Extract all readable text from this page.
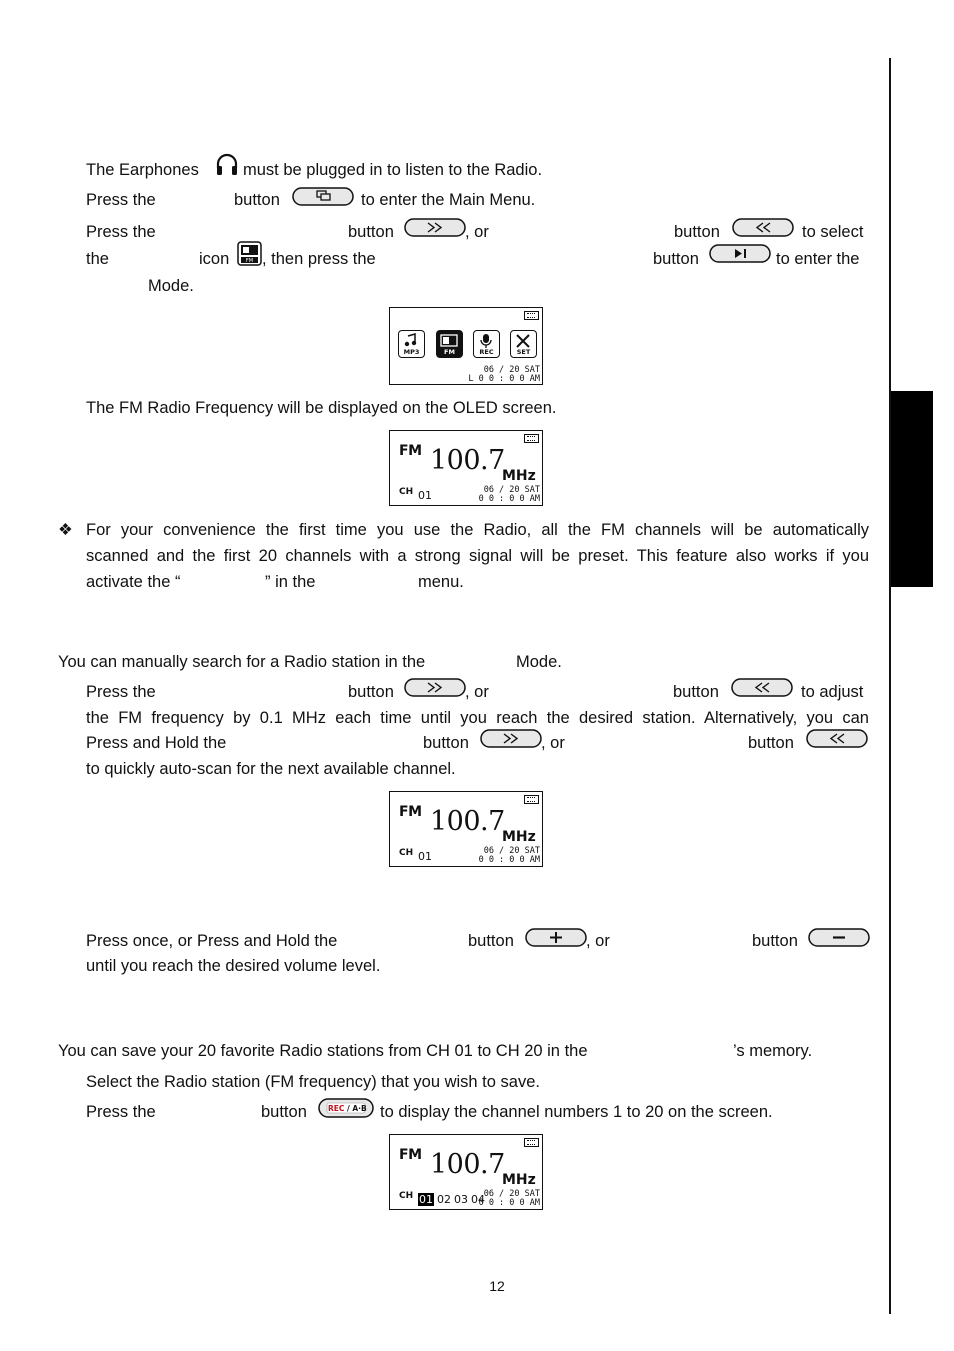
The Earphones	must be plugged in to listen to the Radio.
Press the	button	to enter the Main Menu.
Press the	button	, or	button	to select
the	icon	FM , then press the	button	to enter the
Mode.
MP3	FM	REC	SET
06 / 20 SAT
L 0 0 : 0 0 AM
The FM Radio Frequency will be displayed on the OLED screen.
FM 100.7
MHz
CH 01	06 / 20 SAT
0 0 : 0 0 AM
❖ For your convenience the first time you use the Radio, all the FM channels will be automatically
scanned and the first 20 channels with a strong signal will be preset. This feature also works if you
activate the “	” in the	menu.
You can manually search for a Radio station in the	Mode.
Press the	button	, or	button	to adjust
the FM frequency by 0.1 MHz each time until you reach the desired station. Alternatively, you can
Press and Hold the	button	, or	button
to quickly auto-scan for the next available channel.
FM 100.7
MHz
CH 01	06 / 20 SAT
0 0 : 0 0 AM
Press once, or Press and Hold the	button	, or	button
until you reach the desired volume level.
You can save your 20 favorite Radio stations from CH 01 to CH 20 in the	’s memory.
Select the Radio station (FM frequency) that you wish to save.
Press the	button	REC / A·B to display the channel numbers 1 to 20 on the screen.
FM 100.7
MHz
CH 01 02 03 04
06 / 20 SAT
0 0 : 0 0 AM
12
